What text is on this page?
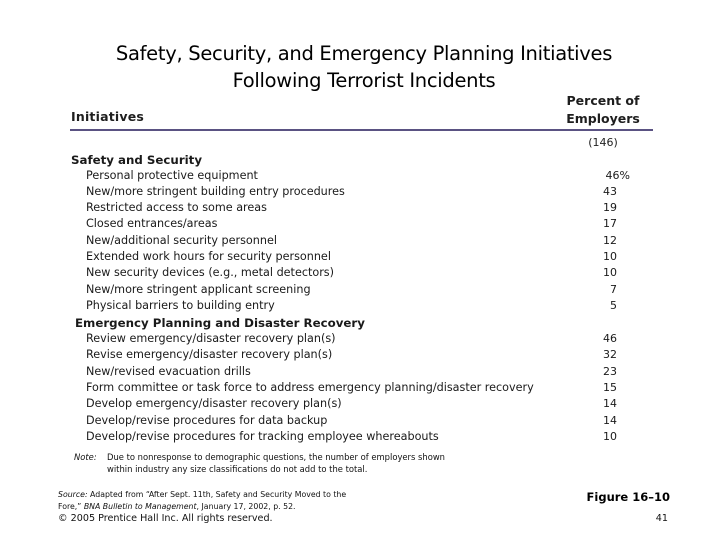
Safety, Security, and Emergency Planning Initiatives
Following Terrorist Incidents
Initiatives
Percent of
Employers
(146)
Safety and Security
Personal protective equipment	46%
New/more stringent building entry procedures	43
Restricted access to some areas	19
Closed entrances/areas	17
New/additional security personnel	12
Extended work hours for security personnel	10
New security devices (e.g., metal detectors)	10
New/more stringent applicant screening	7
Physical barriers to building entry	5
Emergency Planning and Disaster Recovery
Review emergency/disaster recovery plan(s)	46
Revise emergency/disaster recovery plan(s)	32
New/revised evacuation drills	23
Form committee or task force to address emergency planning/disaster recovery	15
Develop emergency/disaster recovery plan(s)	14
Develop/revise procedures for data backup	14
Develop/revise procedures for tracking employee whereabouts	10
Note: Due to nonresponse to demographic questions, the number of employers shown within industry any size classifications do not add to the total.
Source: Adapted from “After Sept. 11th, Safety and Security Moved to the Fore,” BNA Bulletin to Management, January 17, 2002, p. 52.
© 2005 Prentice Hall Inc. All rights reserved.
Figure 16–10
41
